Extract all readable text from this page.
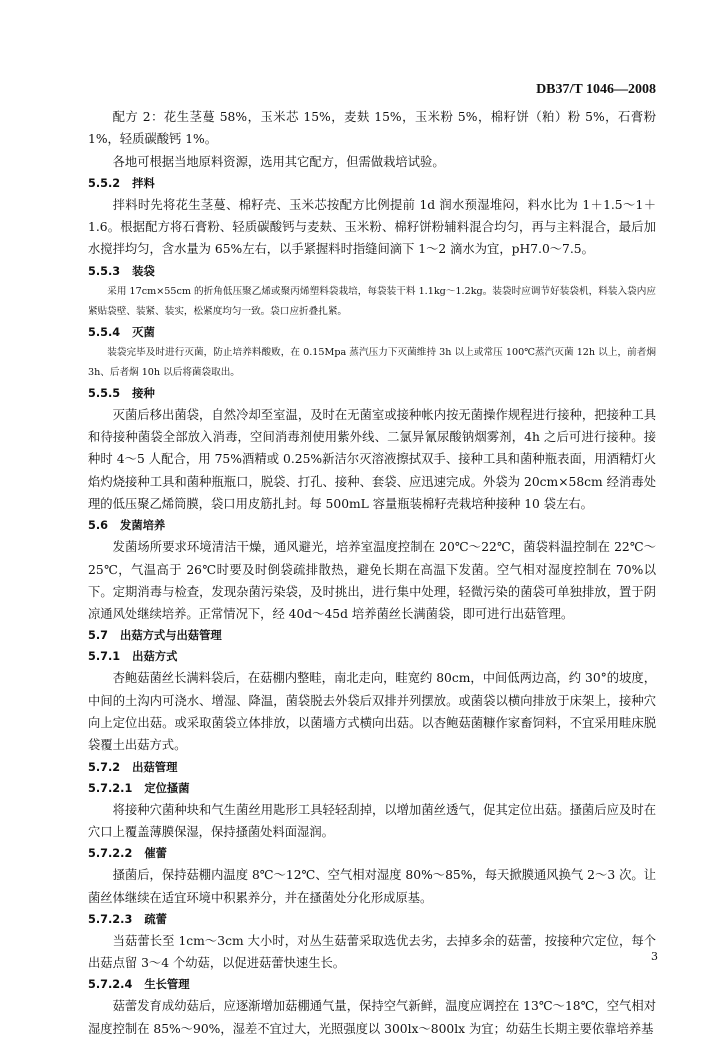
DB37/T 1046—2008

配方 2：花生茎蔓 58%，玉米芯 15%，麦麸 15%，玉米粉 5%，棉籽饼（粕）粉 5%，石膏粉 1%，轻质碳酸钙 1%。

各地可根据当地原料资源，选用其它配方，但需做栽培试验。

5.5.2 拌料

拌料时先将花生茎蔓、棉籽壳、玉米芯按配方比例提前 1d 润水预湿堆闷，料水比为 1＋1.5～1＋1.6。根据配方将石膏粉、轻质碳酸钙与麦麸、玉米粉、棉籽饼粉辅料混合均匀，再与主料混合，最后加水搅拌均匀，含水量为 65%左右，以手紧握料时指缝间滴下 1～2 滴水为宜，pH7.0～7.5。

5.5.3 装袋

采用 17cm×55cm 的折角低压聚乙烯或聚丙烯塑料袋栽培，每袋装干料 1.1kg～1.2kg。装袋时应调节好装袋机，料装入袋内应紧贴袋壁、装紧、装实，松紧度均匀一致。袋口应折叠扎紧。

5.5.4 灭菌

装袋完毕及时进行灭菌，防止培养料酸败，在 0.15Mpa 蒸汽压力下灭菌维持 3h 以上或常压 100℃蒸汽灭菌 12h 以上，前者焖 3h、后者焖 10h 以后将菌袋取出。

5.5.5 接种

灭菌后移出菌袋，自然冷却至室温，及时在无菌室或接种帐内按无菌操作规程进行接种，把接种工具和待接种菌袋全部放入消毒，空间消毒剂使用紫外线、二氯异氰尿酸钠烟雾剂，4h 之后可进行接种。接种时 4～5 人配合，用 75%酒精或 0.25%新洁尔灭溶液擦拭双手、接种工具和菌种瓶表面，用酒精灯火焰灼烧接种工具和菌种瓶瓶口，脱袋、打孔、接种、套袋、应迅速完成。外袋为 20cm×58cm 经消毒处理的低压聚乙烯筒膜，袋口用皮筋扎封。每 500mL 容量瓶装棉籽壳栽培种接种 10 袋左右。

5.6 发菌培养

发菌场所要求环境清洁干燥，通风避光，培养室温度控制在 20℃～22℃，菌袋料温控制在 22℃～25℃，气温高于 26℃时要及时倒袋疏排散热，避免长期在高温下发菌。空气相对湿度控制在 70%以下。定期消毒与检查，发现杂菌污染袋，及时挑出，进行集中处理，轻微污染的菌袋可单独排放，置于阴凉通风处继续培养。正常情况下，经 40d～45d 培养菌丝长满菌袋，即可进行出菇管理。

5.7 出菇方式与出菇管理
5.7.1 出菇方式

杏鲍菇菌丝长满料袋后，在菇棚内整畦，南北走向，畦宽约 80cm，中间低两边高，约 30°的坡度，中间的土沟内可浇水、增湿、降温，菌袋脱去外袋后双排并列摆放。或菌袋以横向排放于床架上，接种穴向上定位出菇。或采取菌袋立体排放，以菌墙方式横向出菇。以杏鲍菇菌糠作家畜饲料，不宜采用畦床脱袋覆土出菇方式。

5.7.2 出菇管理
5.7.2.1 定位搔菌

将接种穴菌种块和气生菌丝用匙形工具轻轻刮掉，以增加菌丝透气，促其定位出菇。搔菌后应及时在穴口上覆盖薄膜保湿，保持搔菌处料面湿润。

5.7.2.2 催蕾

搔菌后，保持菇棚内温度 8℃～12℃、空气相对湿度 80%～85%，每天掀膜通风换气 2～3 次。让菌丝体继续在适宜环境中积累养分，并在搔菌处分化形成原基。

5.7.2.3 疏蕾

当菇蕾长至 1cm～3cm 大小时，对丛生菇蕾采取选优去劣，去掉多余的菇蕾，按接种穴定位，每个出菇点留 3～4 个幼菇，以促进菇蕾快速生长。

5.7.2.4 生长管理

菇蕾发育成幼菇后，应逐渐增加菇棚通气量，保持空气新鲜，温度应调控在 13℃～18℃，空气相对湿度控制在 85%～90%，湿差不宜过大，光照强度以 300lx～800lx 为宜；幼菇生长期主要依靠培养基

3
